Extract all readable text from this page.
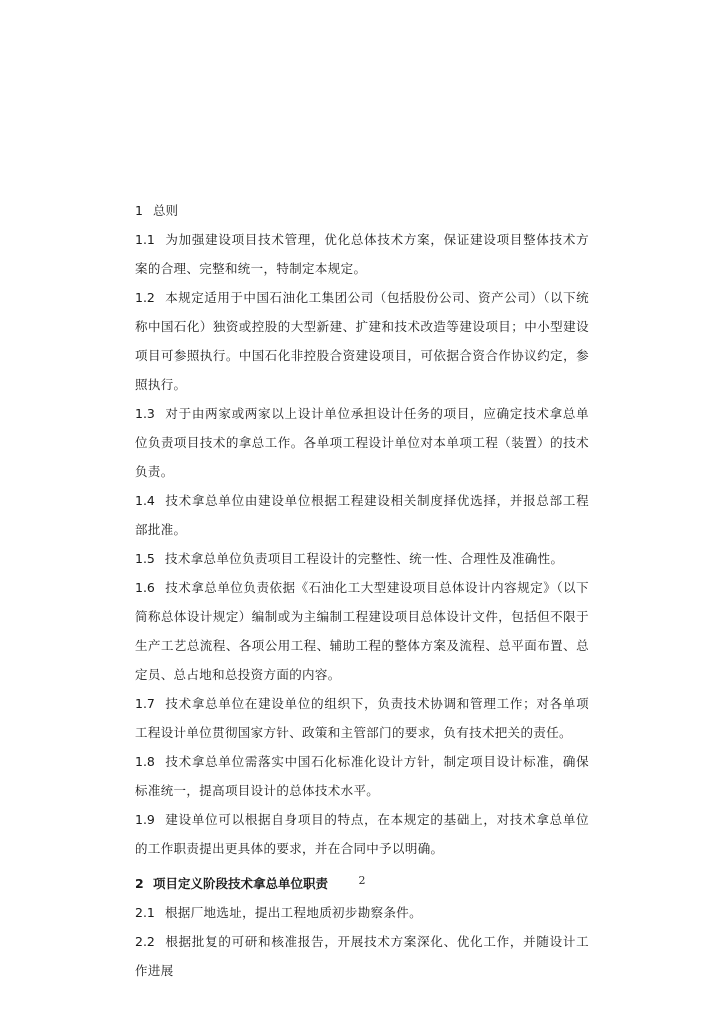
1 总则
1.1 为加强建设项目技术管理，优化总体技术方案，保证建设项目整体技术方案的合理、完整和统一，特制定本规定。
1.2 本规定适用于中国石油化工集团公司（包括股份公司、资产公司）（以下统称中国石化）独资或控股的大型新建、扩建和技术改造等建设项目；中小型建设项目可参照执行。中国石化非控股合资建设项目，可依据合资合作协议约定，参照执行。
1.3 对于由两家或两家以上设计单位承担设计任务的项目，应确定技术拿总单位负责项目技术的拿总工作。各单项工程设计单位对本单项工程（装置）的技术负责。
1.4 技术拿总单位由建设单位根据工程建设相关制度择优选择，并报总部工程部批准。
1.5 技术拿总单位负责项目工程设计的完整性、统一性、合理性及准确性。
1.6 技术拿总单位负责依据《石油化工大型建设项目总体设计内容规定》（以下简称总体设计规定）编制或为主编制工程建设项目总体设计文件，包括但不限于生产工艺总流程、各项公用工程、辅助工程的整体方案及流程、总平面布置、总定员、总占地和总投资方面的内容。
1.7 技术拿总单位在建设单位的组织下，负责技术协调和管理工作；对各单项工程设计单位贯彻国家方针、政策和主管部门的要求，负有技术把关的责任。
1.8 技术拿总单位需落实中国石化标准化设计方针，制定项目设计标准，确保标准统一，提高项目设计的总体技术水平。
1.9 建设单位可以根据自身项目的特点，在本规定的基础上，对技术拿总单位的工作职责提出更具体的要求，并在合同中予以明确。
2 项目定义阶段技术拿总单位职责
2.1 根据厂地选址，提出工程地质初步勘察条件。
2.2 根据批复的可研和核准报告，开展技术方案深化、优化工作，并随设计工作进展
2
